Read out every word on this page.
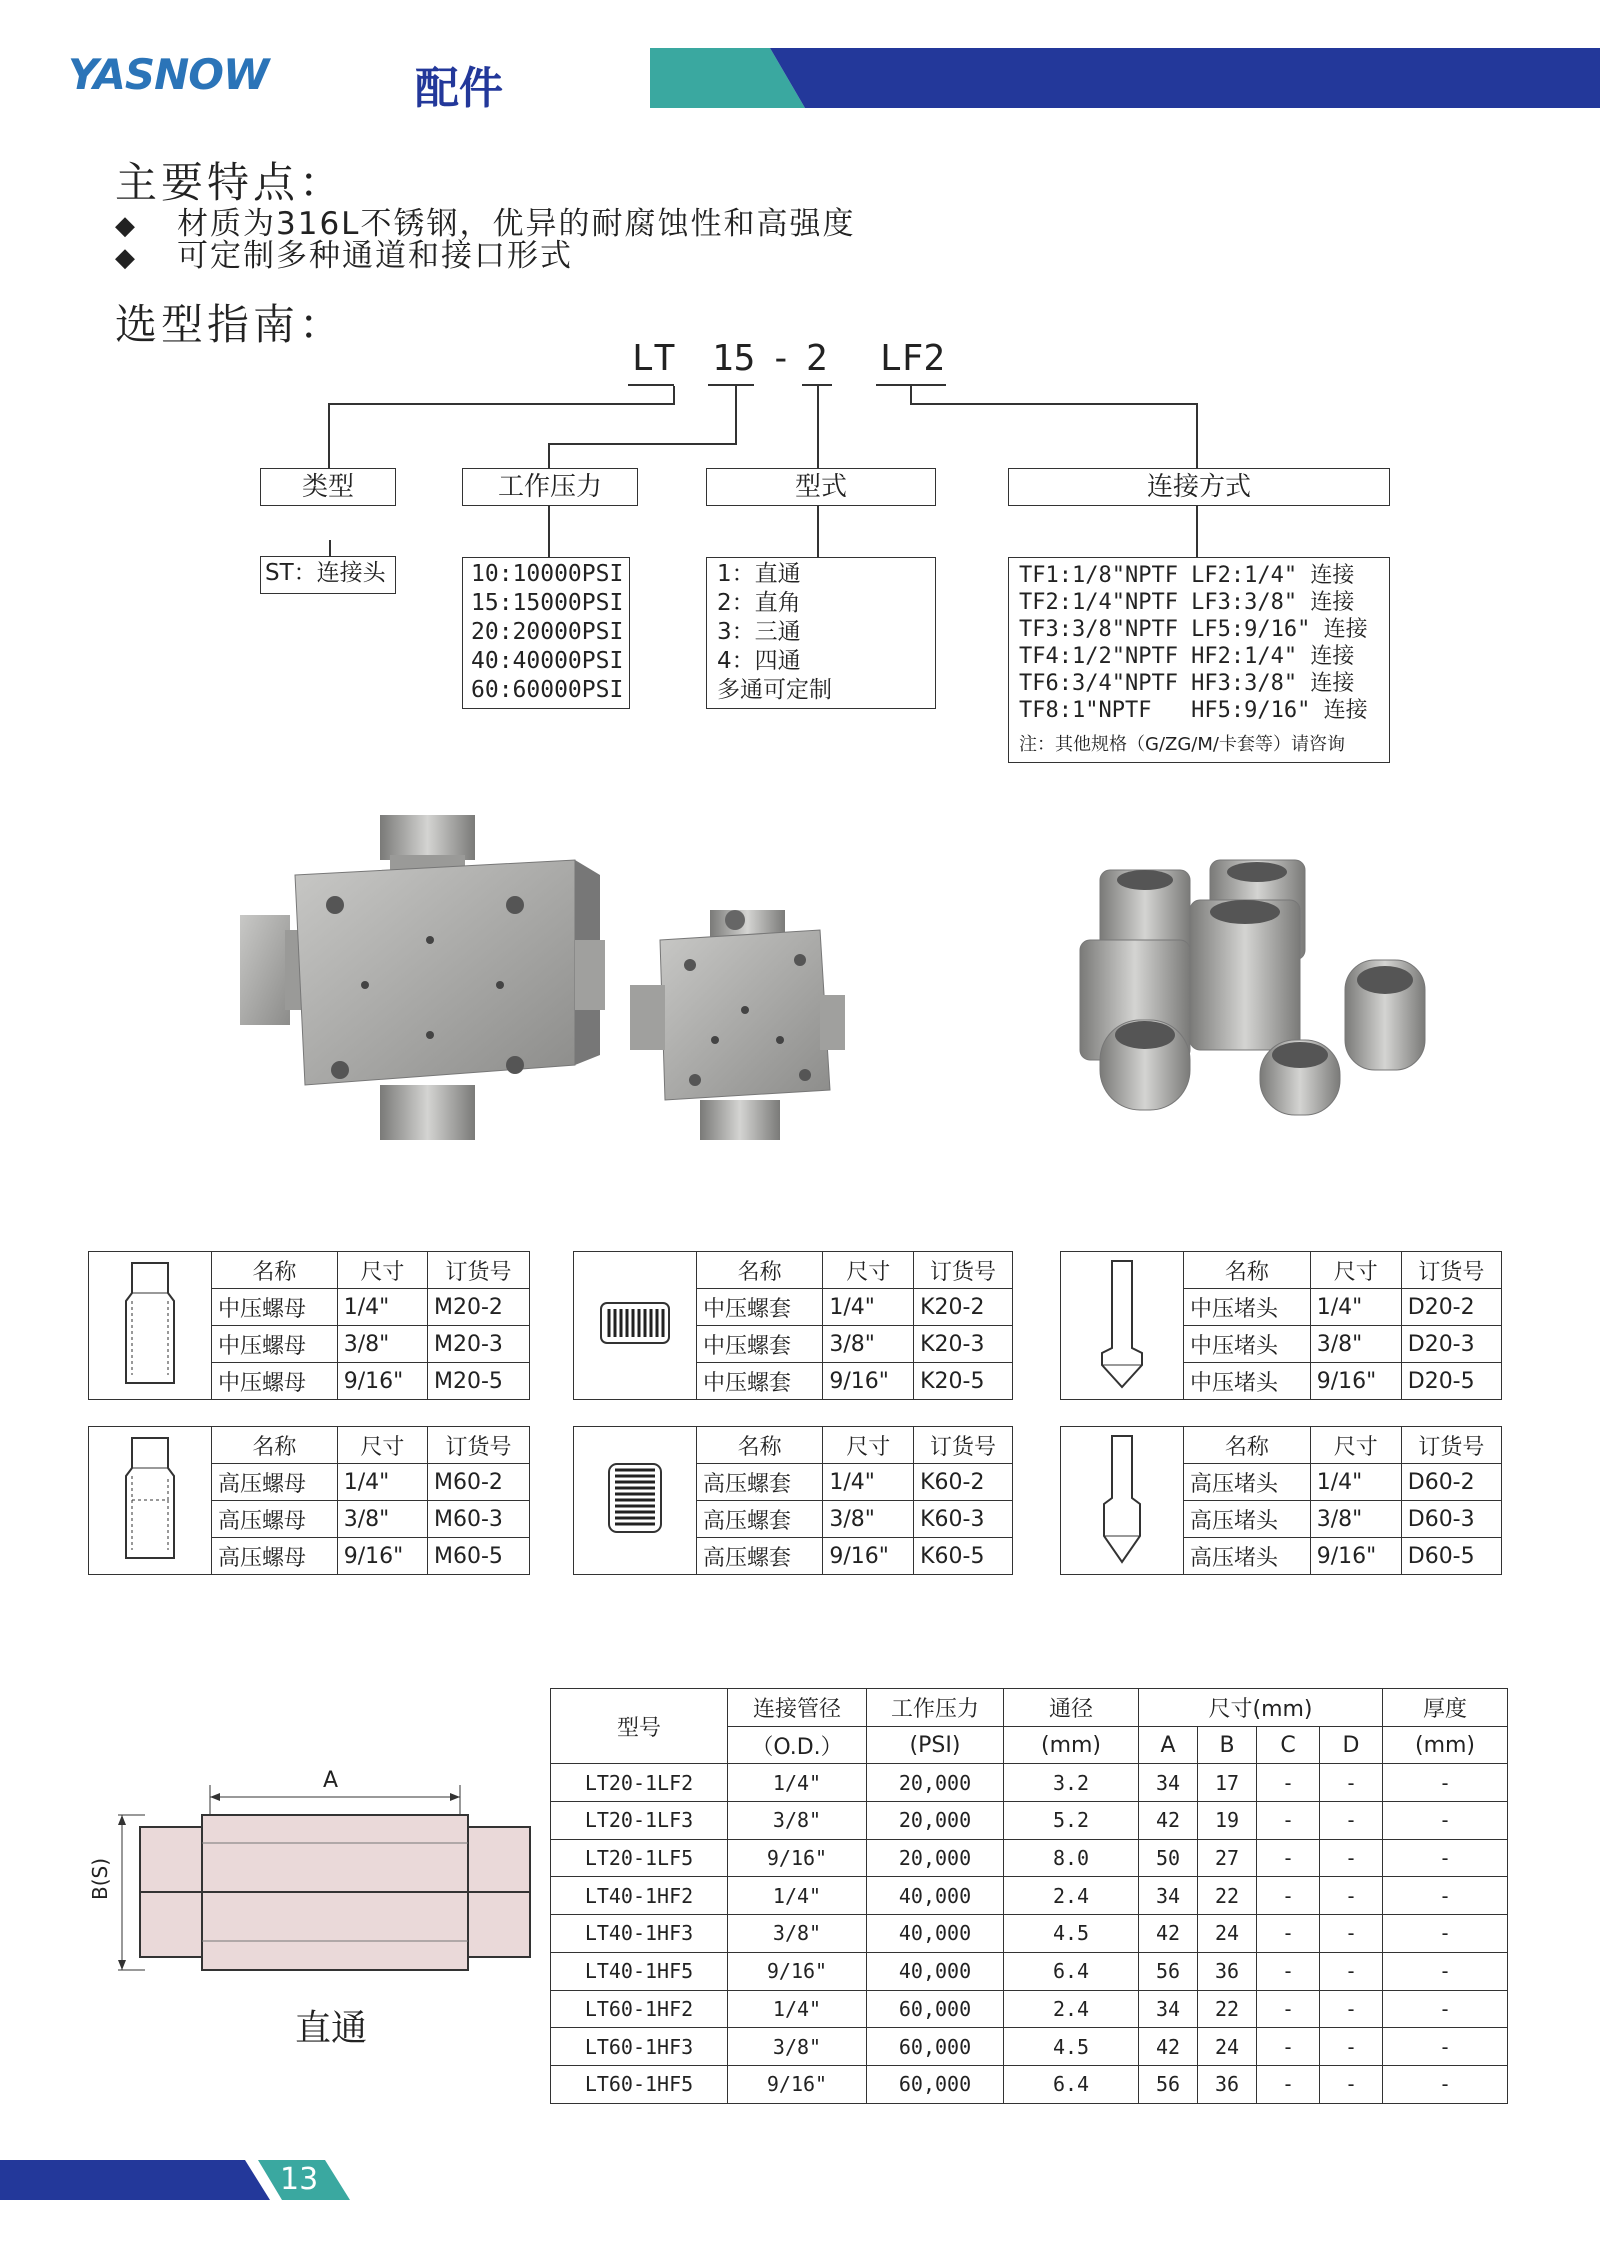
YASNOW	配件
主要特点：
◆ 材质为316L不锈钢，优异的耐腐蚀性和高强度
◆ 可定制多种通道和接口形式
选型指南：
LT 15 - 2 LF2
类型	工作压力	型式	连接方式
ST：连接头	10:10000PSI
15:15000PSI
20:20000PSI
40:40000PSI
60:60000PSI
1：直通
2：直角
3：三通
4：四通
多通可定制
TF1:1/8"NPTF LF2:1/4" 连接
TF2:1/4"NPTF LF3:3/8" 连接
TF3:3/8"NPTF LF5:9/16" 连接
TF4:1/2"NPTF HF2:1/4" 连接
TF6:3/4"NPTF HF3:3/8" 连接
TF8:1"NPTF   HF5:9/16" 连接
注：其他规格（G/ZG/M/卡套等）请咨询
	名称	尺寸	订货号
	中压螺母	1/4"	M20-2
	中压螺母	3/8"	M20-3
	中压螺母	9/16"	M20-5
	名称	尺寸	订货号
	中压螺套	1/4"	K20-2
	中压螺套	3/8"	K20-3
	中压螺套	9/16"	K20-5
	名称	尺寸	订货号
	中压堵头	1/4"	D20-2
	中压堵头	3/8"	D20-3
	中压堵头	9/16"	D20-5
	名称	尺寸	订货号
	高压螺母	1/4"	M60-2
	高压螺母	3/8"	M60-3
	高压螺母	9/16"	M60-5
	名称	尺寸	订货号
	高压螺套	1/4"	K60-2
	高压螺套	3/8"	K60-3
	高压螺套	9/16"	K60-5
	名称	尺寸	订货号
	高压堵头	1/4"	D60-2
	高压堵头	3/8"	D60-3
	高压堵头	9/16"	D60-5
A
B(S)
直通
型号	连接管径	工作压力	通径	尺寸(mm)				厚度
	（O.D.）	(PSI)	(mm)	A	B	C	D	(mm)
LT20-1LF2	1/4"	20,000	3.2	34	17	-	-	-
LT20-1LF3	3/8"	20,000	5.2	42	19	-	-	-
LT20-1LF5	9/16"	20,000	8.0	50	27	-	-	-
LT40-1HF2	1/4"	40,000	2.4	34	22	-	-	-
LT40-1HF3	3/8"	40,000	4.5	42	24	-	-	-
LT40-1HF5	9/16"	40,000	6.4	56	36	-	-	-
LT60-1HF2	1/4"	60,000	2.4	34	22	-	-	-
LT60-1HF3	3/8"	60,000	4.5	42	24	-	-	-
LT60-1HF5	9/16"	60,000	6.4	56	36	-	-	-
13
